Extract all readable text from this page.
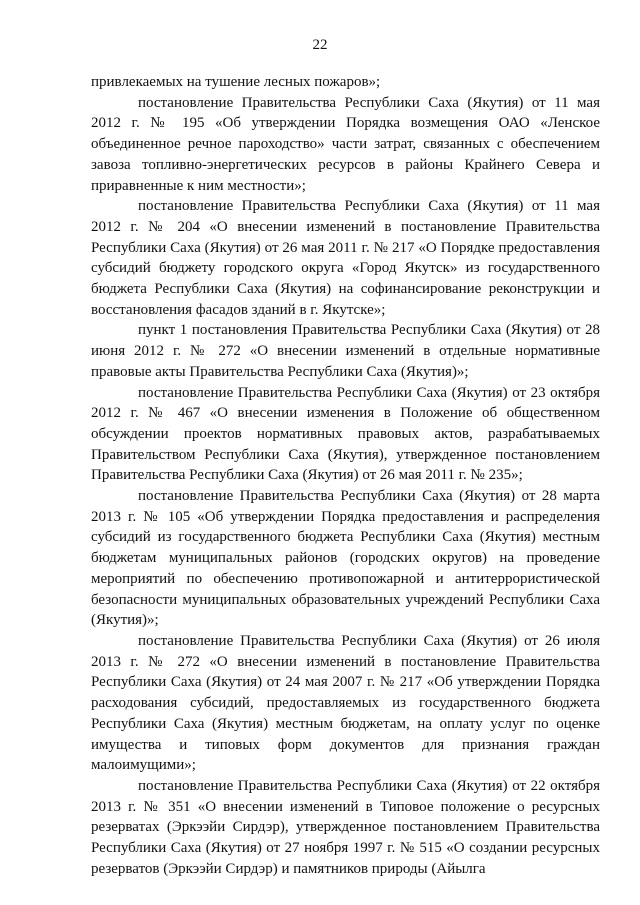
22

привлекаемых на тушение лесных пожаров»;

постановление Правительства Республики Саха (Якутия) от 11 мая 2012 г. № 195 «Об утверждении Порядка возмещения ОАО «Ленское объединенное речное пароходство» части затрат, связанных с обеспечением завоза топливно-энергетических ресурсов в районы Крайнего Севера и приравненные к ним местности»;

постановление Правительства Республики Саха (Якутия) от 11 мая 2012 г. № 204 «О внесении изменений в постановление Правительства Республики Саха (Якутия) от 26 мая 2011 г. № 217 «О Порядке предоставления субсидий бюджету городского округа «Город Якутск» из государственного бюджета Республики Саха (Якутия) на софинансирование реконструкции и восстановления фасадов зданий в г. Якутске»;

пункт 1 постановления Правительства Республики Саха (Якутия) от 28 июня 2012 г. № 272 «О внесении изменений в отдельные нормативные правовые акты Правительства Республики Саха (Якутия)»;

постановление Правительства Республики Саха (Якутия) от 23 октября 2012 г. № 467 «О внесении изменения в Положение об общественном обсуждении проектов нормативных правовых актов, разрабатываемых Правительством Республики Саха (Якутия), утвержденное постановлением Правительства Республики Саха (Якутия) от 26 мая 2011 г. № 235»;

постановление Правительства Республики Саха (Якутия) от 28 марта 2013 г. № 105 «Об утверждении Порядка предоставления и распределения субсидий из государственного бюджета Республики Саха (Якутия) местным бюджетам муниципальных районов (городских округов) на проведение мероприятий по обеспечению противопожарной и антитеррористической безопасности муниципальных образовательных учреждений Республики Саха (Якутия)»;

постановление Правительства Республики Саха (Якутия) от 26 июля 2013 г. № 272 «О внесении изменений в постановление Правительства Республики Саха (Якутия) от 24 мая 2007 г. № 217 «Об утверждении Порядка расходования субсидий, предоставляемых из государственного бюджета Республики Саха (Якутия) местным бюджетам, на оплату услуг по оценке имущества и типовых форм документов для признания граждан малоимущими»;

постановление Правительства Республики Саха (Якутия) от 22 октября 2013 г. № 351 «О внесении изменений в Типовое положение о ресурсных резерватах (Эркээйи Сирдэр), утвержденное постановлением Правительства Республики Саха (Якутия) от 27 ноября 1997 г. № 515 «О создании ресурсных резерватов (Эркээйи Сирдэр) и памятников природы (Айылга
